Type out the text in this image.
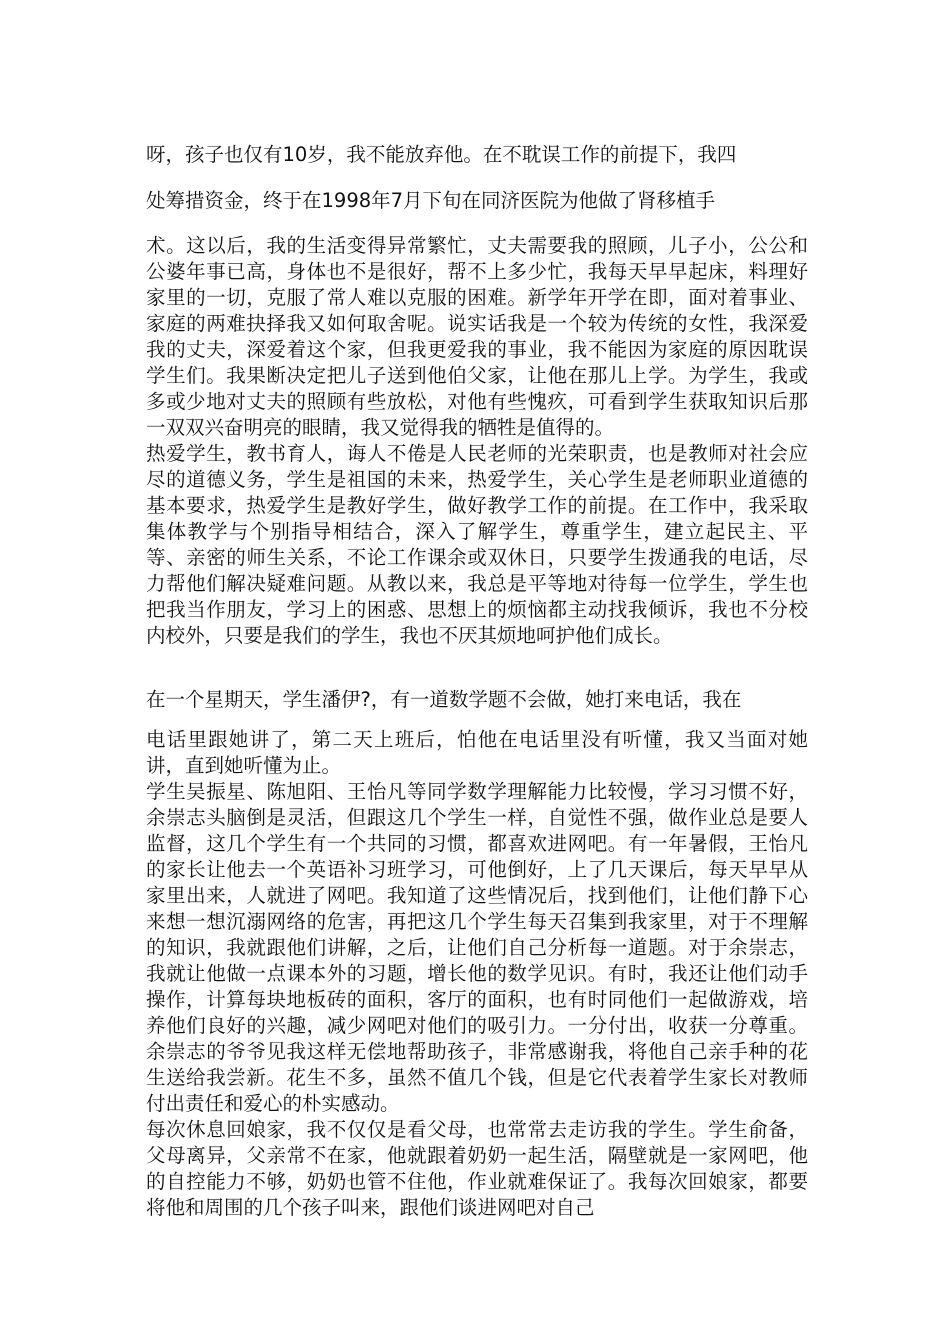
呀，孩子也仅有10岁，我不能放弃他。在不耽误工作的前提下，我四

处筹措资金，终于在1998年7月下旬在同济医院为他做了肾移植手

术。这以后，我的生活变得异常繁忙，丈夫需要我的照顾，儿子小，公公和公婆年事已高，身体也不是很好，帮不上多少忙，我每天早早起床，料理好家里的一切，克服了常人难以克服的困难。新学年开学在即，面对着事业、家庭的两难抉择我又如何取舍呢。说实话我是一个较为传统的女性，我深爱我的丈夫，深爱着这个家，但我更爱我的事业，我不能因为家庭的原因耽误学生们。我果断决定把儿子送到他伯父家，让他在那儿上学。为学生，我或多或少地对丈夫的照顾有些放松，对他有些愧疚，可看到学生获取知识后那一双双兴奋明亮的眼睛，我又觉得我的牺牲是值得的。

热爱学生，教书育人，诲人不倦是人民老师的光荣职责，也是教师对社会应尽的道德义务，学生是祖国的未来，热爱学生，关心学生是老师职业道德的基本要求，热爱学生是教好学生，做好教学工作的前提。在工作中，我采取集体教学与个别指导相结合，深入了解学生，尊重学生，建立起民主、平等、亲密的师生关系，不论工作课余或双休日，只要学生拨通我的电话，尽力帮他们解决疑难问题。从教以来，我总是平等地对待每一位学生，学生也把我当作朋友，学习上的困惑、思想上的烦恼都主动找我倾诉，我也不分校内校外，只要是我们的学生，我也不厌其烦地呵护他们成长。

在一个星期天，学生潘伊?，有一道数学题不会做，她打来电话，我在

电话里跟她讲了，第二天上班后，怕他在电话里没有听懂，我又当面对她讲，直到她听懂为止。

学生吴振星、陈旭阳、王怡凡等同学数学理解能力比较慢，学习习惯不好，余崇志头脑倒是灵活，但跟这几个学生一样，自觉性不强，做作业总是要人监督，这几个学生有一个共同的习惯，都喜欢进网吧。有一年暑假，王怡凡的家长让他去一个英语补习班学习，可他倒好，上了几天课后，每天早早从家里出来，人就进了网吧。我知道了这些情况后，找到他们，让他们静下心来想一想沉溺网络的危害，再把这几个学生每天召集到我家里，对于不理解的知识，我就跟他们讲解，之后，让他们自己分析每一道题。对于余崇志，我就让他做一点课本外的习题，增长他的数学见识。有时，我还让他们动手操作，计算每块地板砖的面积，客厅的面积，也有时同他们一起做游戏，培养他们良好的兴趣，减少网吧对他们的吸引力。一分付出，收获一分尊重。余崇志的爷爷见我这样无偿地帮助孩子，非常感谢我，将他自己亲手种的花生送给我尝新。花生不多，虽然不值几个钱，但是它代表着学生家长对教师付出责任和爱心的朴实感动。

每次休息回娘家，我不仅仅是看父母，也常常去走访我的学生。学生俞备，父母离异，父亲常不在家，他就跟着奶奶一起生活，隔壁就是一家网吧，他的自控能力不够，奶奶也管不住他，作业就难保证了。我每次回娘家，都要将他和周围的几个孩子叫来，跟他们谈进网吧对自己
